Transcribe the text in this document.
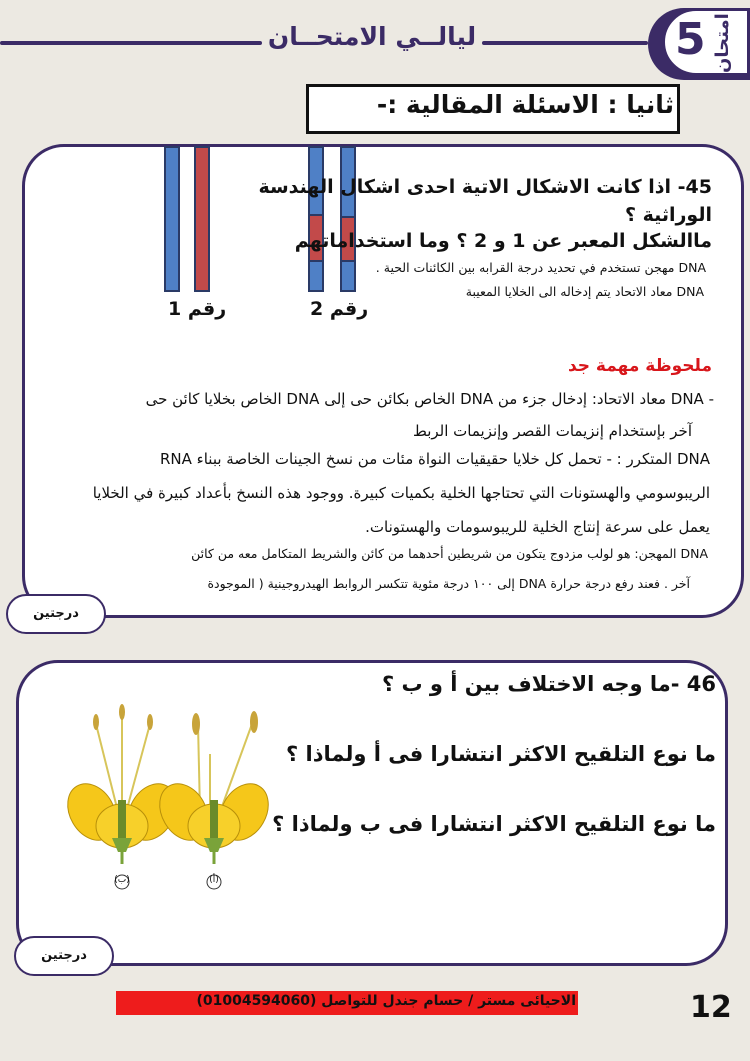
ليالــي الامتحــان	5 امتحان
ثانيا : الاسئلة المقالية :-
رقم 1	رقم 2
45- اذا كانت الاشكال الاتية احدى اشكال الهندسة
الوراثية ؟
ماالشكل المعبر عن 1 و 2 ؟ وما استخداماتهم
DNA مهجن تستخدم في تحديد درجة القرابه بين الكائنات الحية .
DNA معاد الاتحاد يتم إدخاله الى الخلايا المعيبة
ملحوظة مهمة جد
- DNA معاد الاتحاد: إدخال جزء من DNA الخاص بكائن حى إلى DNA الخاص بخلايا كائن حى
آخر بإستخدام إنزيمات القصر وإنزيمات الربط
DNA المتكرر : - تحمل كل خلايا حقيقيات النواة مئات من نسخ الجينات الخاصة ببناء RNA
الريبوسومي والهستونات التي تحتاجها الخلية بكميات كبيرة. ووجود هذه النسخ بأعداد كبيرة في الخلايا
يعمل على سرعة إنتاج الخلية للريبوسومات والهستونات.
DNA المهجن: هو لولب مزدوج يتكون من شريطين أحدهما من كائن والشريط المتكامل معه من كائن
آخر . فعند رفع درجة حرارة DNA إلى ١٠٠ درجة مئوية تتكسر الروابط الهيدروجينية ( الموجودة
درجتين
46 -ما وجه الاختلاف بين أ و ب ؟
ما نوع التلقيح الاكثر انتشارا فى أ ولماذا ؟
ما نوع التلقيح الاكثر انتشارا فى ب ولماذا ؟
(ب)	(أ)
درجتين
الاحيائى مستر / حسام جندل للتواصل (01004594060)	12
